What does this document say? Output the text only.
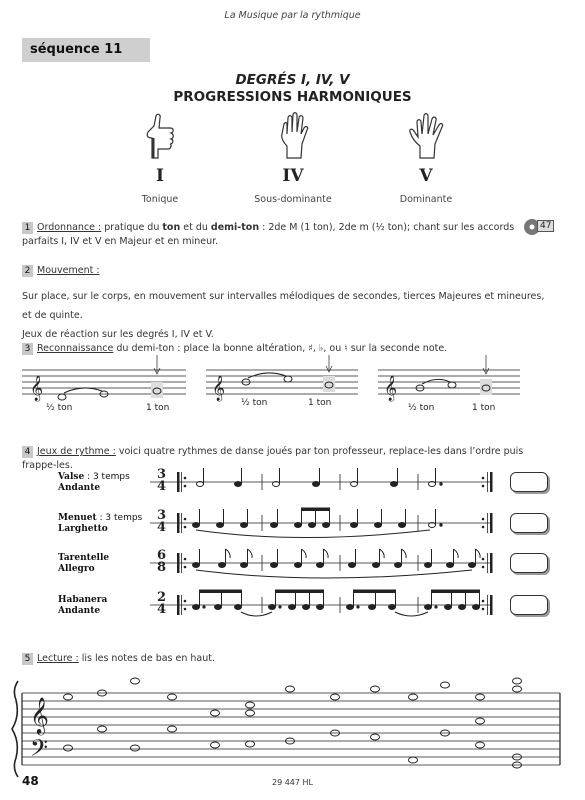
La Musique par la rythmique
séquence 11
DEGRÉS I, IV, V
PROGRESSIONS HARMONIQUES
I
Tonique
IV
Sous-dominante
V
Dominante
1 Ordonnance : pratique du ton et du demi-ton : 2de M (1 ton), 2de m (½ ton); chant sur les accords
parfaits I, IV et V en Majeur et en mineur.
47
2 Mouvement :
Sur place, sur le corps, en mouvement sur intervalles mélodiques de secondes, tierces Majeures et mineures, et de quinte.
Jeux de réaction sur les degrés I, IV et V.
3 Reconnaissance du demi-ton : place la bonne altération, ♯, ♭, ou ♮ sur la seconde note.
𝄞	𝄞	𝄞
𝄞
𝄢
½ ton	1 ton	½ ton	1 ton	½ ton	1 ton
4 Jeux de rythme : voici quatre rythmes de danse joués par ton professeur, replace-les dans l’ordre puis frappe-les.
Valse : 3 temps
Andante
Menuet : 3 temps
Larghetto
Tarentelle
Allegro
Habanera
Andante
3
4
3
4
6
8
2
4
5 Lecture : lis les notes de bas en haut.
48	29 447 HL
